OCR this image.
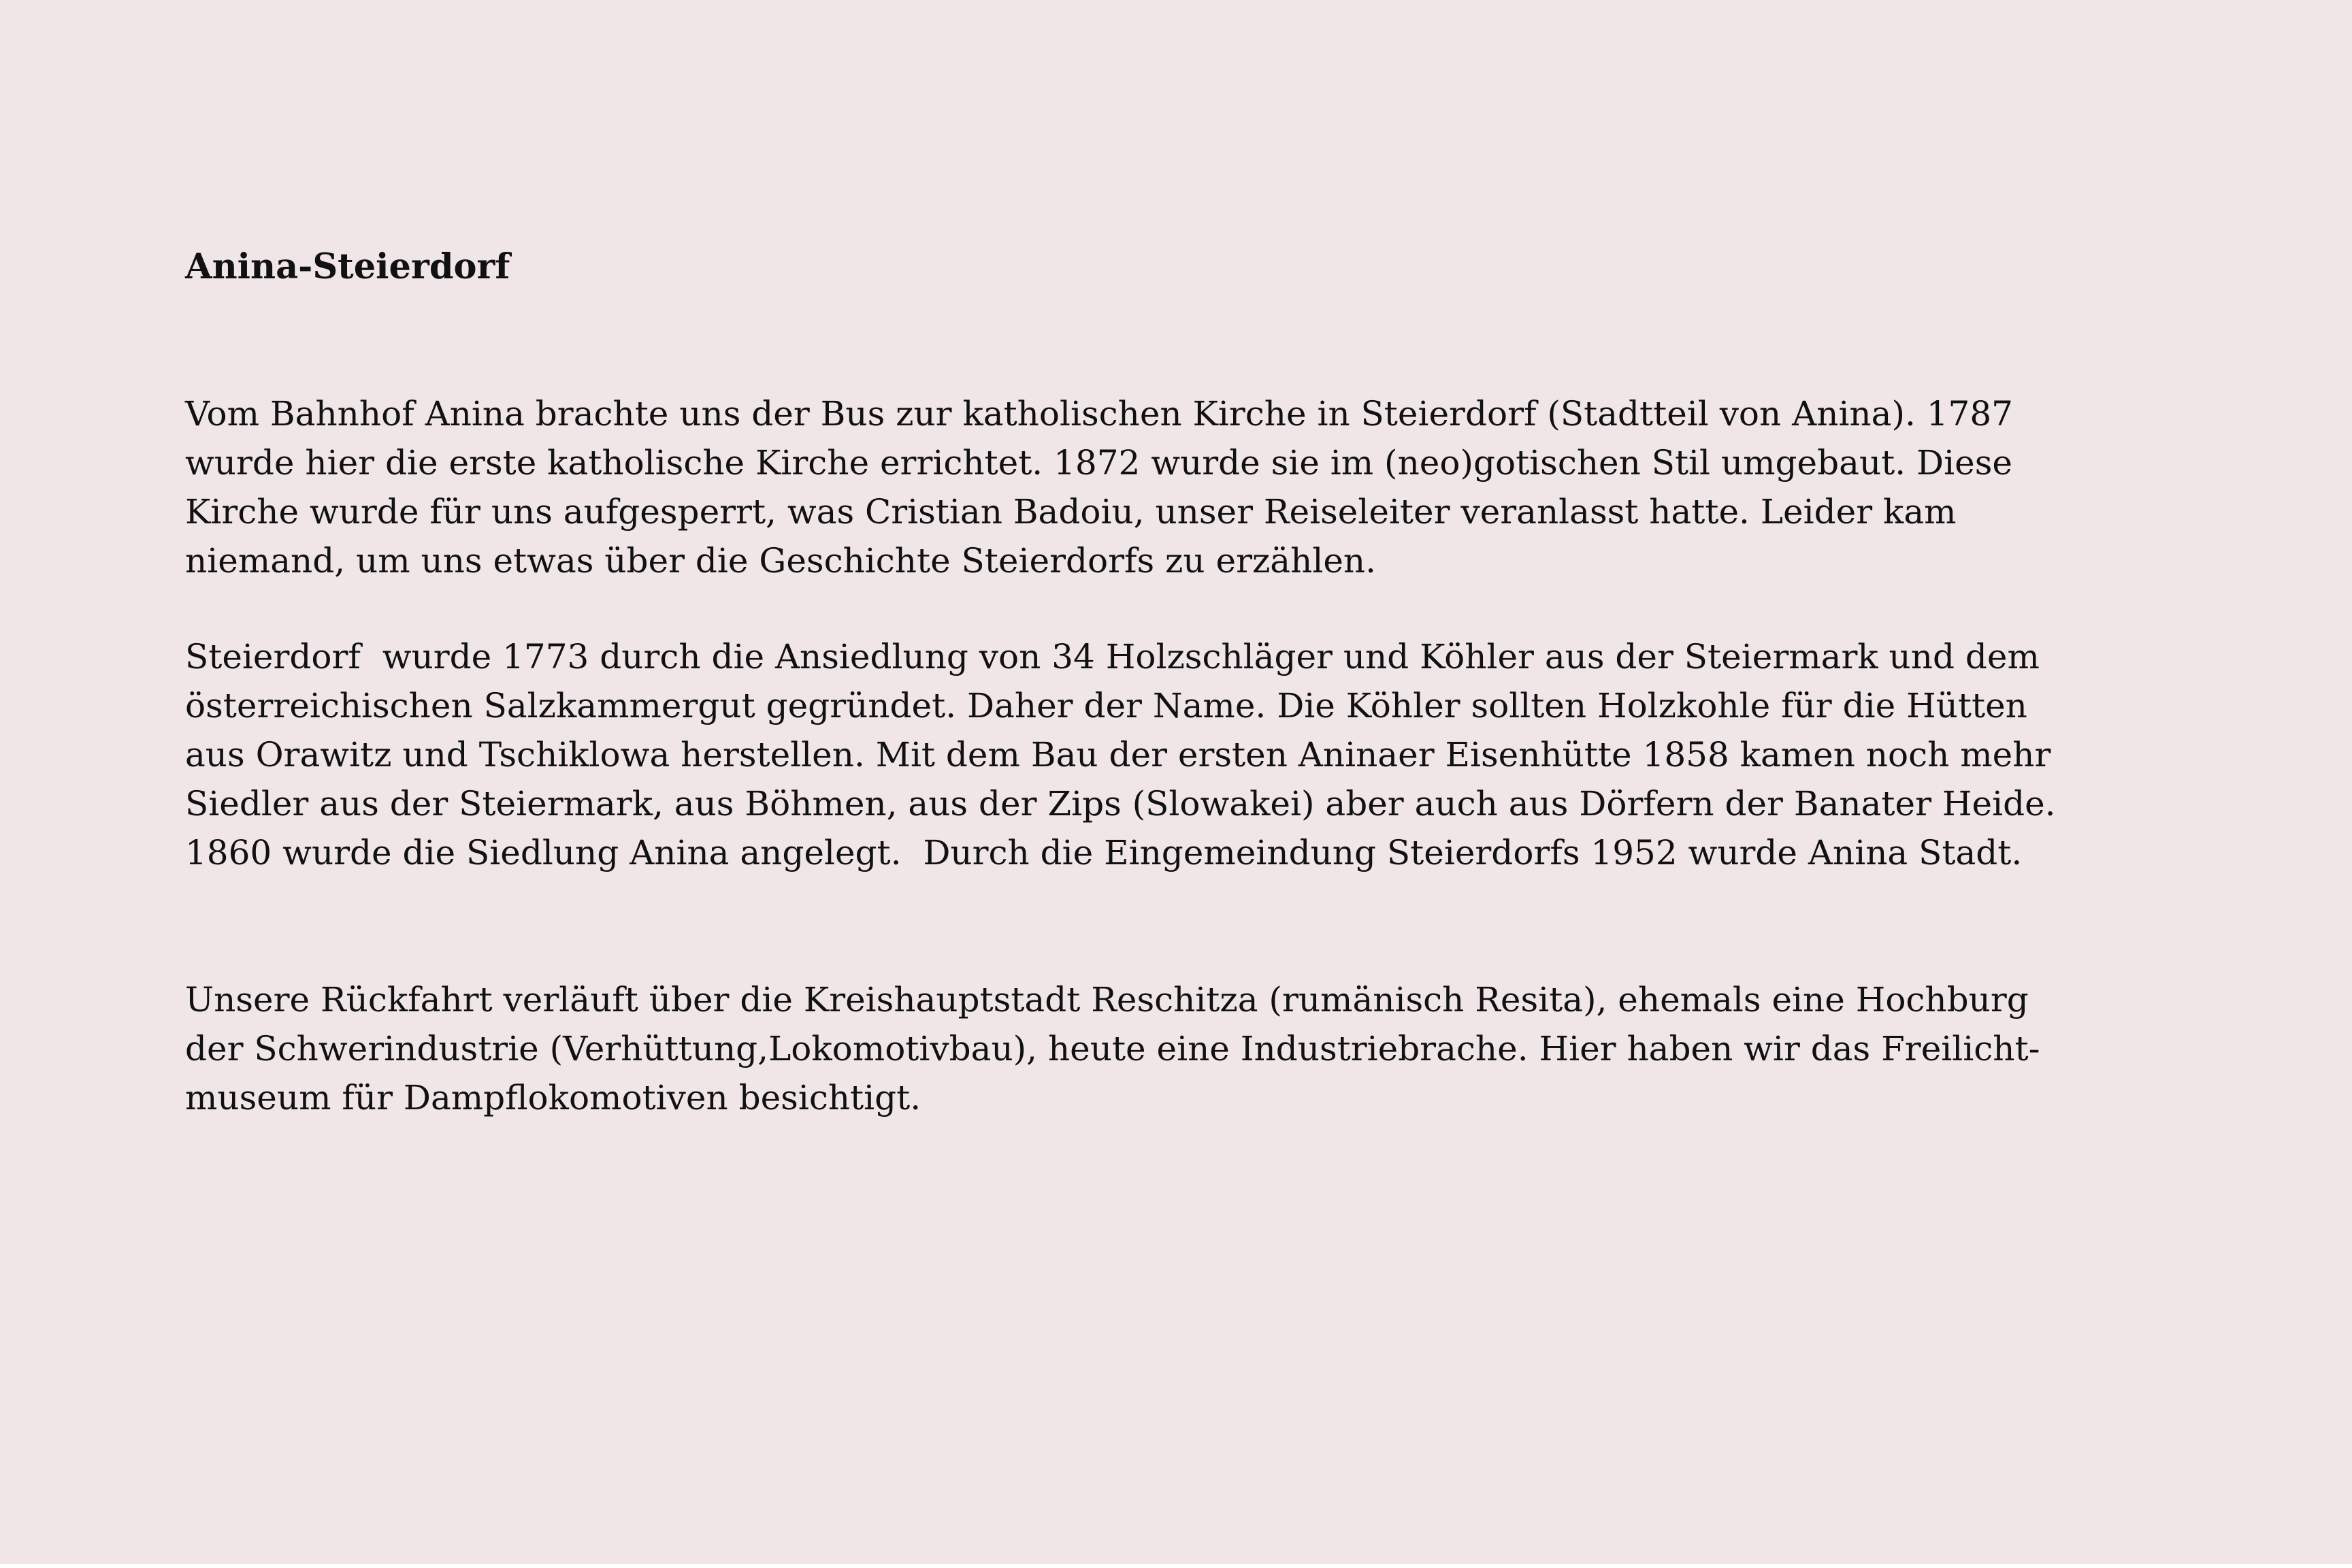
Anina-Steierdorf

Vom Bahnhof Anina brachte uns der Bus zur katholischen Kirche in Steierdorf (Stadtteil von Anina). 1787
wurde hier die erste katholische Kirche errichtet. 1872 wurde sie im (neo)gotischen Stil umgebaut. Diese
Kirche wurde für uns aufgesperrt, was Cristian Badoiu, unser Reiseleiter veranlasst hatte. Leider kam
niemand, um uns etwas über die Geschichte Steierdorfs zu erzählen.

Steierdorf  wurde 1773 durch die Ansiedlung von 34 Holzschläger und Köhler aus der Steiermark und dem
österreichischen Salzkammergut gegründet. Daher der Name. Die Köhler sollten Holzkohle für die Hütten
aus Orawitz und Tschiklowa herstellen. Mit dem Bau der ersten Aninaer Eisenhütte 1858 kamen noch mehr
Siedler aus der Steiermark, aus Böhmen, aus der Zips (Slowakei) aber auch aus Dörfern der Banater Heide.
1860 wurde die Siedlung Anina angelegt.  Durch die Eingemeindung Steierdorfs 1952 wurde Anina Stadt.

Unsere Rückfahrt verläuft über die Kreishauptstadt Reschitza (rumänisch Resita), ehemals eine Hochburg
der Schwerindustrie (Verhüttung,Lokomotivbau), heute eine Industriebrache. Hier haben wir das Freilicht-
museum für Dampflokomotiven besichtigt.
